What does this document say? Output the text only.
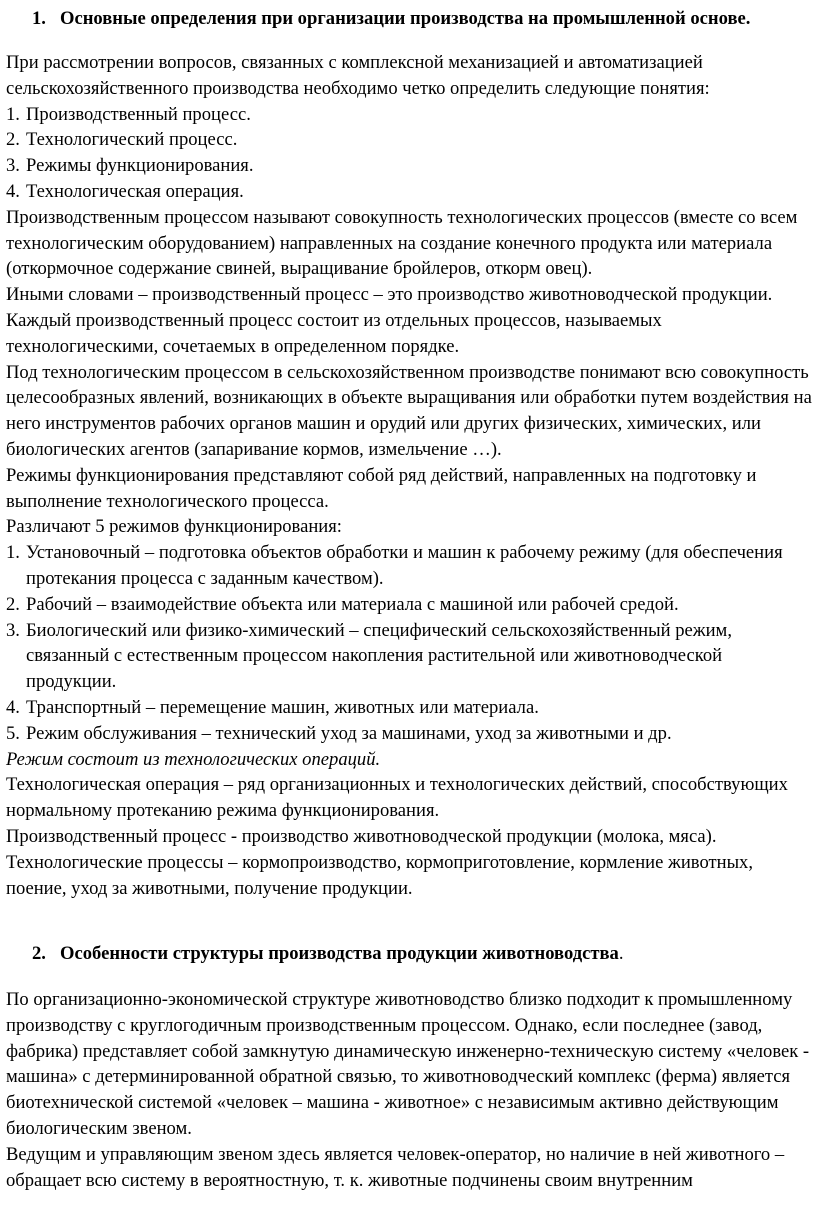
1. Основные определения при организации производства на промышленной основе.

При рассмотрении вопросов, связанных с комплексной механизацией и автоматизацией сельскохозяйственного производства необходимо четко определить следующие понятия:

1. Производственный процесс.
2. Технологический процесс.
3. Режимы функционирования.
4. Технологическая операция.

Производственным процессом называют совокупность технологических процессов (вместе со всем технологическим оборудованием) направленных на создание конечного продукта или материала (откормочное содержание свиней, выращивание бройлеров, откорм овец).

Иными словами – производственный процесс – это производство животноводческой продукции.

Каждый производственный процесс состоит из отдельных процессов, называемых технологическими, сочетаемых в определенном порядке.

Под технологическим процессом в сельскохозяйственном производстве понимают всю совокупность целесообразных явлений, возникающих в объекте выращивания или обработки путем воздействия на него инструментов рабочих органов машин и орудий или других физических, химических, или биологических агентов (запаривание кормов, измельчение …).

Режимы функционирования представляют собой ряд действий, направленных на подготовку и выполнение технологического процесса.

Различают 5 режимов функционирования:

1. Установочный – подготовка объектов обработки и машин к рабочему режиму (для обеспечения протекания процесса с заданным качеством).
2. Рабочий – взаимодействие объекта или материала с машиной или рабочей средой.
3. Биологический или физико-химический – специфический сельскохозяйственный режим, связанный с естественным процессом накопления растительной или животноводческой продукции.
4. Транспортный – перемещение машин, животных или материала.
5. Режим обслуживания – технический уход за машинами, уход за животными и др.

Режим состоит из технологических операций.

Технологическая операция – ряд организационных и технологических действий, способствующих нормальному протеканию режима функционирования.

Производственный процесс - производство животноводческой продукции (молока, мяса).

Технологические процессы – кормопроизводство, кормоприготовление, кормление животных, поение, уход за животными, получение продукции.

2. Особенности структуры производства продукции животноводства.

По организационно-экономической структуре животноводство близко подходит к промышленному производству с круглогодичным производственным процессом. Однако, если последнее (завод, фабрика) представляет собой замкнутую динамическую инженерно-техническую систему «человек - машина» с детерминированной обратной связью, то животноводческий комплекс (ферма) является биотехнической системой «человек – машина - животное» с независимым активно действующим биологическим звеном.

Ведущим и управляющим звеном здесь является человек-оператор, но наличие в ней животного – обращает всю систему в вероятностную, т. к. животные подчинены своим внутренним
